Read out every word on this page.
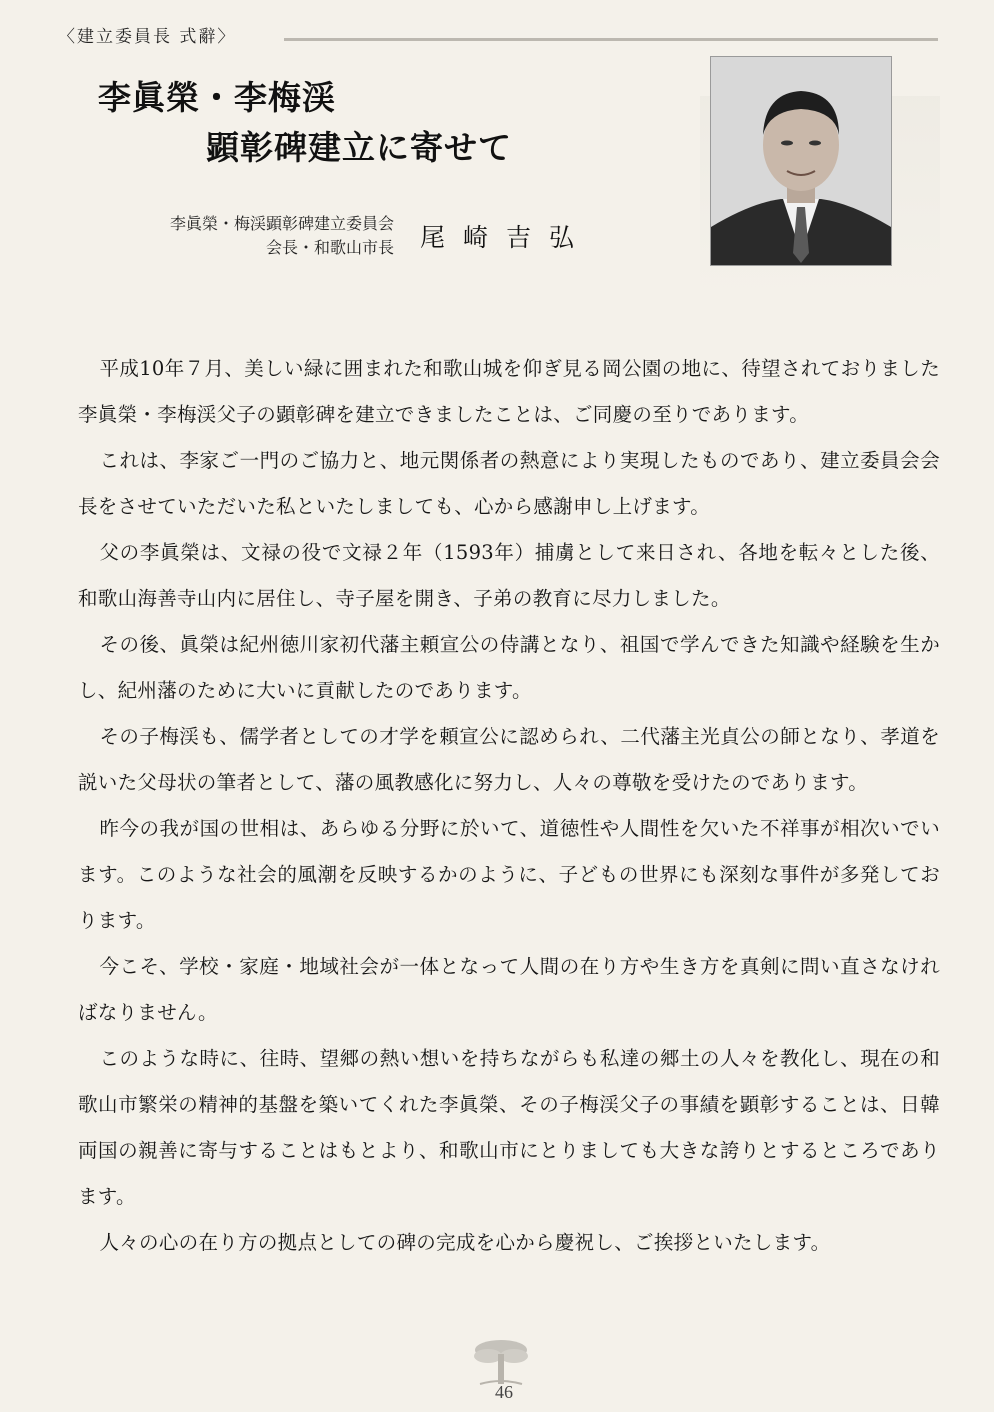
〈建立委員長 式辭〉
李眞榮・李梅渓
顕彰碑建立に寄せて
李眞榮・梅渓顕彰碑建立委員会
会長・和歌山市長 尾崎吉弘

平成10年７月、美しい緑に囲まれた和歌山城を仰ぎ見る岡公園の地に、待望されておりました李眞榮・李梅渓父子の顕彰碑を建立できましたことは、ご同慶の至りであります。

これは、李家ご一門のご協力と、地元関係者の熱意により実現したものであり、建立委員会会長をさせていただいた私といたしましても、心から感謝申し上げます。

父の李眞榮は、文禄の役で文禄２年（1593年）捕虜として来日され、各地を転々とした後、和歌山海善寺山内に居住し、寺子屋を開き、子弟の教育に尽力しました。

その後、眞榮は紀州徳川家初代藩主頼宣公の侍講となり、祖国で学んできた知識や経験を生かし、紀州藩のために大いに貢献したのであります。

その子梅渓も、儒学者としての才学を頼宣公に認められ、二代藩主光貞公の師となり、孝道を説いた父母状の筆者として、藩の風教感化に努力し、人々の尊敬を受けたのであります。

昨今の我が国の世相は、あらゆる分野に於いて、道徳性や人間性を欠いた不祥事が相次いでいます。このような社会的風潮を反映するかのように、子どもの世界にも深刻な事件が多発しております。

今こそ、学校・家庭・地域社会が一体となって人間の在り方や生き方を真剣に問い直さなければなりません。

このような時に、往時、望郷の熱い想いを持ちながらも私達の郷土の人々を教化し、現在の和歌山市繁栄の精神的基盤を築いてくれた李眞榮、その子梅渓父子の事績を顕彰することは、日韓両国の親善に寄与することはもとより、和歌山市にとりましても大きな誇りとするところであります。

人々の心の在り方の拠点としての碑の完成を心から慶祝し、ご挨拶といたします。

46
